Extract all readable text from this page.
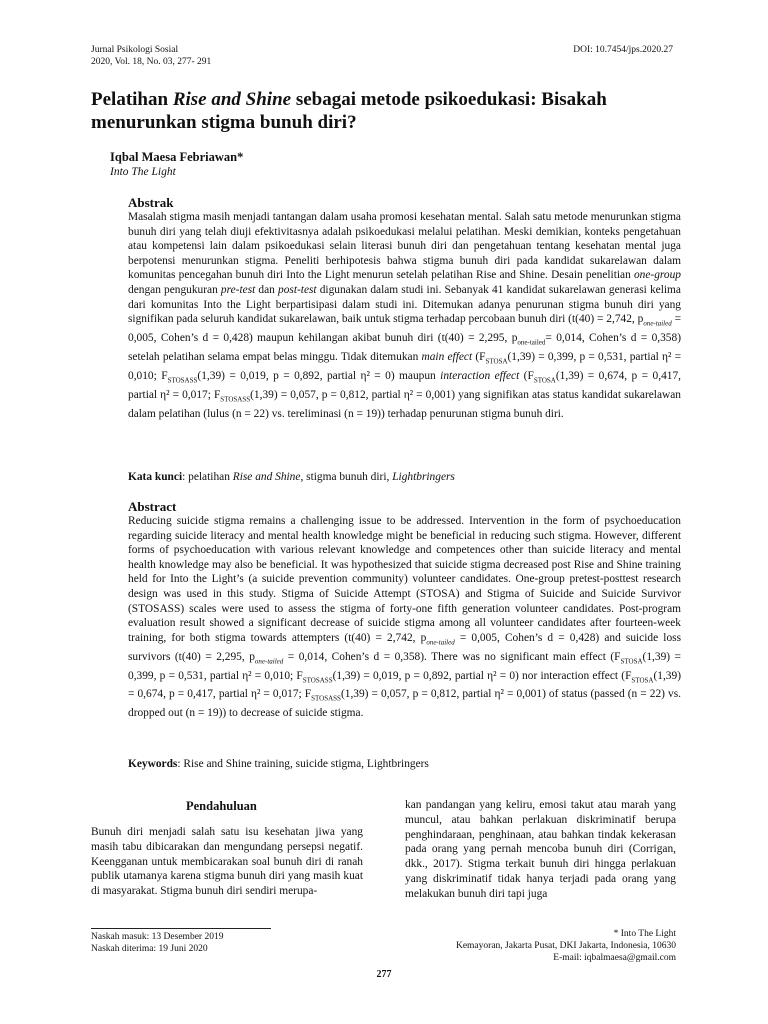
Jurnal Psikologi Sosial
2020, Vol. 18, No. 03, 277- 291
DOI: 10.7454/jps.2020.27
Pelatihan Rise and Shine sebagai metode psikoedukasi: Bisakah menurunkan stigma bunuh diri?
Iqbal Maesa Febriawan*
Into The Light
Abstrak

Masalah stigma masih menjadi tantangan dalam usaha promosi kesehatan mental. Salah satu metode menurunkan stigma bunuh diri yang telah diuji efektivitasnya adalah psikoedukasi melalui pelatihan. Meski demikian, konteks pengetahuan atau kompetensi lain dalam psikoedukasi selain literasi bunuh diri dan pengetahuan tentang kesehatan mental juga berpotensi menurunkan stigma. Peneliti berhipotesis bahwa stigma bunuh diri pada kandidat sukarelawan dalam komunitas pencegahan bunuh diri Into the Light menurun setelah pelatihan Rise and Shine. Desain penelitian one-group dengan pengukuran pre-test dan post-test digunakan dalam studi ini. Sebanyak 41 kandidat sukarelawan generasi kelima dari komunitas Into the Light berpartisipasi dalam studi ini. Ditemukan adanya penurunan stigma bunuh diri yang signifikan pada seluruh kandidat sukarelawan, baik untuk stigma terhadap percobaan bunuh diri (t(40) = 2,742, $p_{one-tailed} = 0,005$, Cohen’s d = 0,428) maupun kehilangan akibat bunuh diri (t(40) = 2,295, $p_{one-tailed}= 0,014$, Cohen’s d = 0,358) setelah pelatihan selama empat belas minggu. Tidak ditemukan main effect ($F_{STOSA}(1,39) = 0,399$, p = 0,531, partial η² = 0,010; $F_{STOSASS}(1,39) = 0,019$, p = 0,892, partial η² = 0) maupun interaction effect ($F_{STOSA}(1,39) = 0,674$, p = 0,417, partial η² = 0,017; $F_{STOSASS}(1,39) = 0,057$, p = 0,812, partial η² = 0,001) yang signifikan atas status kandidat sukarelawan dalam pelatihan (lulus (n = 22) vs. tereliminasi (n = 19)) terhadap penurunan stigma bunuh diri.

Kata kunci: pelatihan Rise and Shine, stigma bunuh diri, Lightbringers
Abstract

Reducing suicide stigma remains a challenging issue to be addressed. Intervention in the form of psychoeducation regarding suicide literacy and mental health knowledge might be beneficial in reducing such stigma. However, different forms of psychoeducation with various relevant knowledge and competences other than suicide literacy and mental health knowledge may also be beneficial. It was hypothesized that suicide stigma decreased post Rise and Shine training held for Into the Light’s (a suicide prevention community) volunteer candidates. One-group pretest-posttest research design was used in this study. Stigma of Suicide Attempt (STOSA) and Stigma of Suicide and Suicide Survivor (STOSASS) scales were used to assess the stigma of forty-one fifth generation volunteer candidates. Post-program evaluation result showed a significant decrease of suicide stigma among all volunteer candidates after fourteen-week training, for both stigma towards attempters (t(40) = 2,742, $p_{one-tailed} = 0,005$, Cohen’s d = 0,428) and suicide loss survivors (t(40) = 2,295, $p_{one-tailed} = 0,014$, Cohen’s d = 0,358). There was no significant main effect ($F_{STOSA}(1,39) = 0,399$, p = 0,531, partial η² = 0,010; $F_{STOSASS}(1,39) = 0,019$, p = 0,892, partial η² = 0) nor interaction effect ($F_{STOSA}(1,39) = 0,674$, p = 0,417, partial η² = 0,017; $F_{STOSASS}(1,39) = 0,057$, p = 0,812, partial η² = 0,001) of status (passed (n = 22) vs. dropped out (n = 19)) to decrease of suicide stigma.

Keywords: Rise and Shine training, suicide stigma, Lightbringers
Pendahuluan

Bunuh diri menjadi salah satu isu kesehatan jiwa yang masih tabu dibicarakan dan mengundang persepsi negatif. Keengganan untuk membicarakan soal bunuh diri di ranah publik utamanya karena stigma bunuh diri yang masih kuat di masyarakat. Stigma bunuh diri sendiri merupa-

kan pandangan yang keliru, emosi takut atau marah yang muncul, atau bahkan perlakuan diskriminatif berupa penghindaraan, penghinaan, atau bahkan tindak kekerasan pada orang yang pernah mencoba bunuh diri (Corrigan, dkk., 2017). Stigma terkait bunuh diri hingga perlakuan yang diskriminatif tidak hanya terjadi pada orang yang melakukan bunuh diri tapi juga

Naskah masuk: 13 Desember 2019
Naskah diterima: 19 Juni 2020
* Into The Light
Kemayoran, Jakarta Pusat, DKI Jakarta, Indonesia, 10630
E-mail: iqbalmaesa@gmail.com
277
